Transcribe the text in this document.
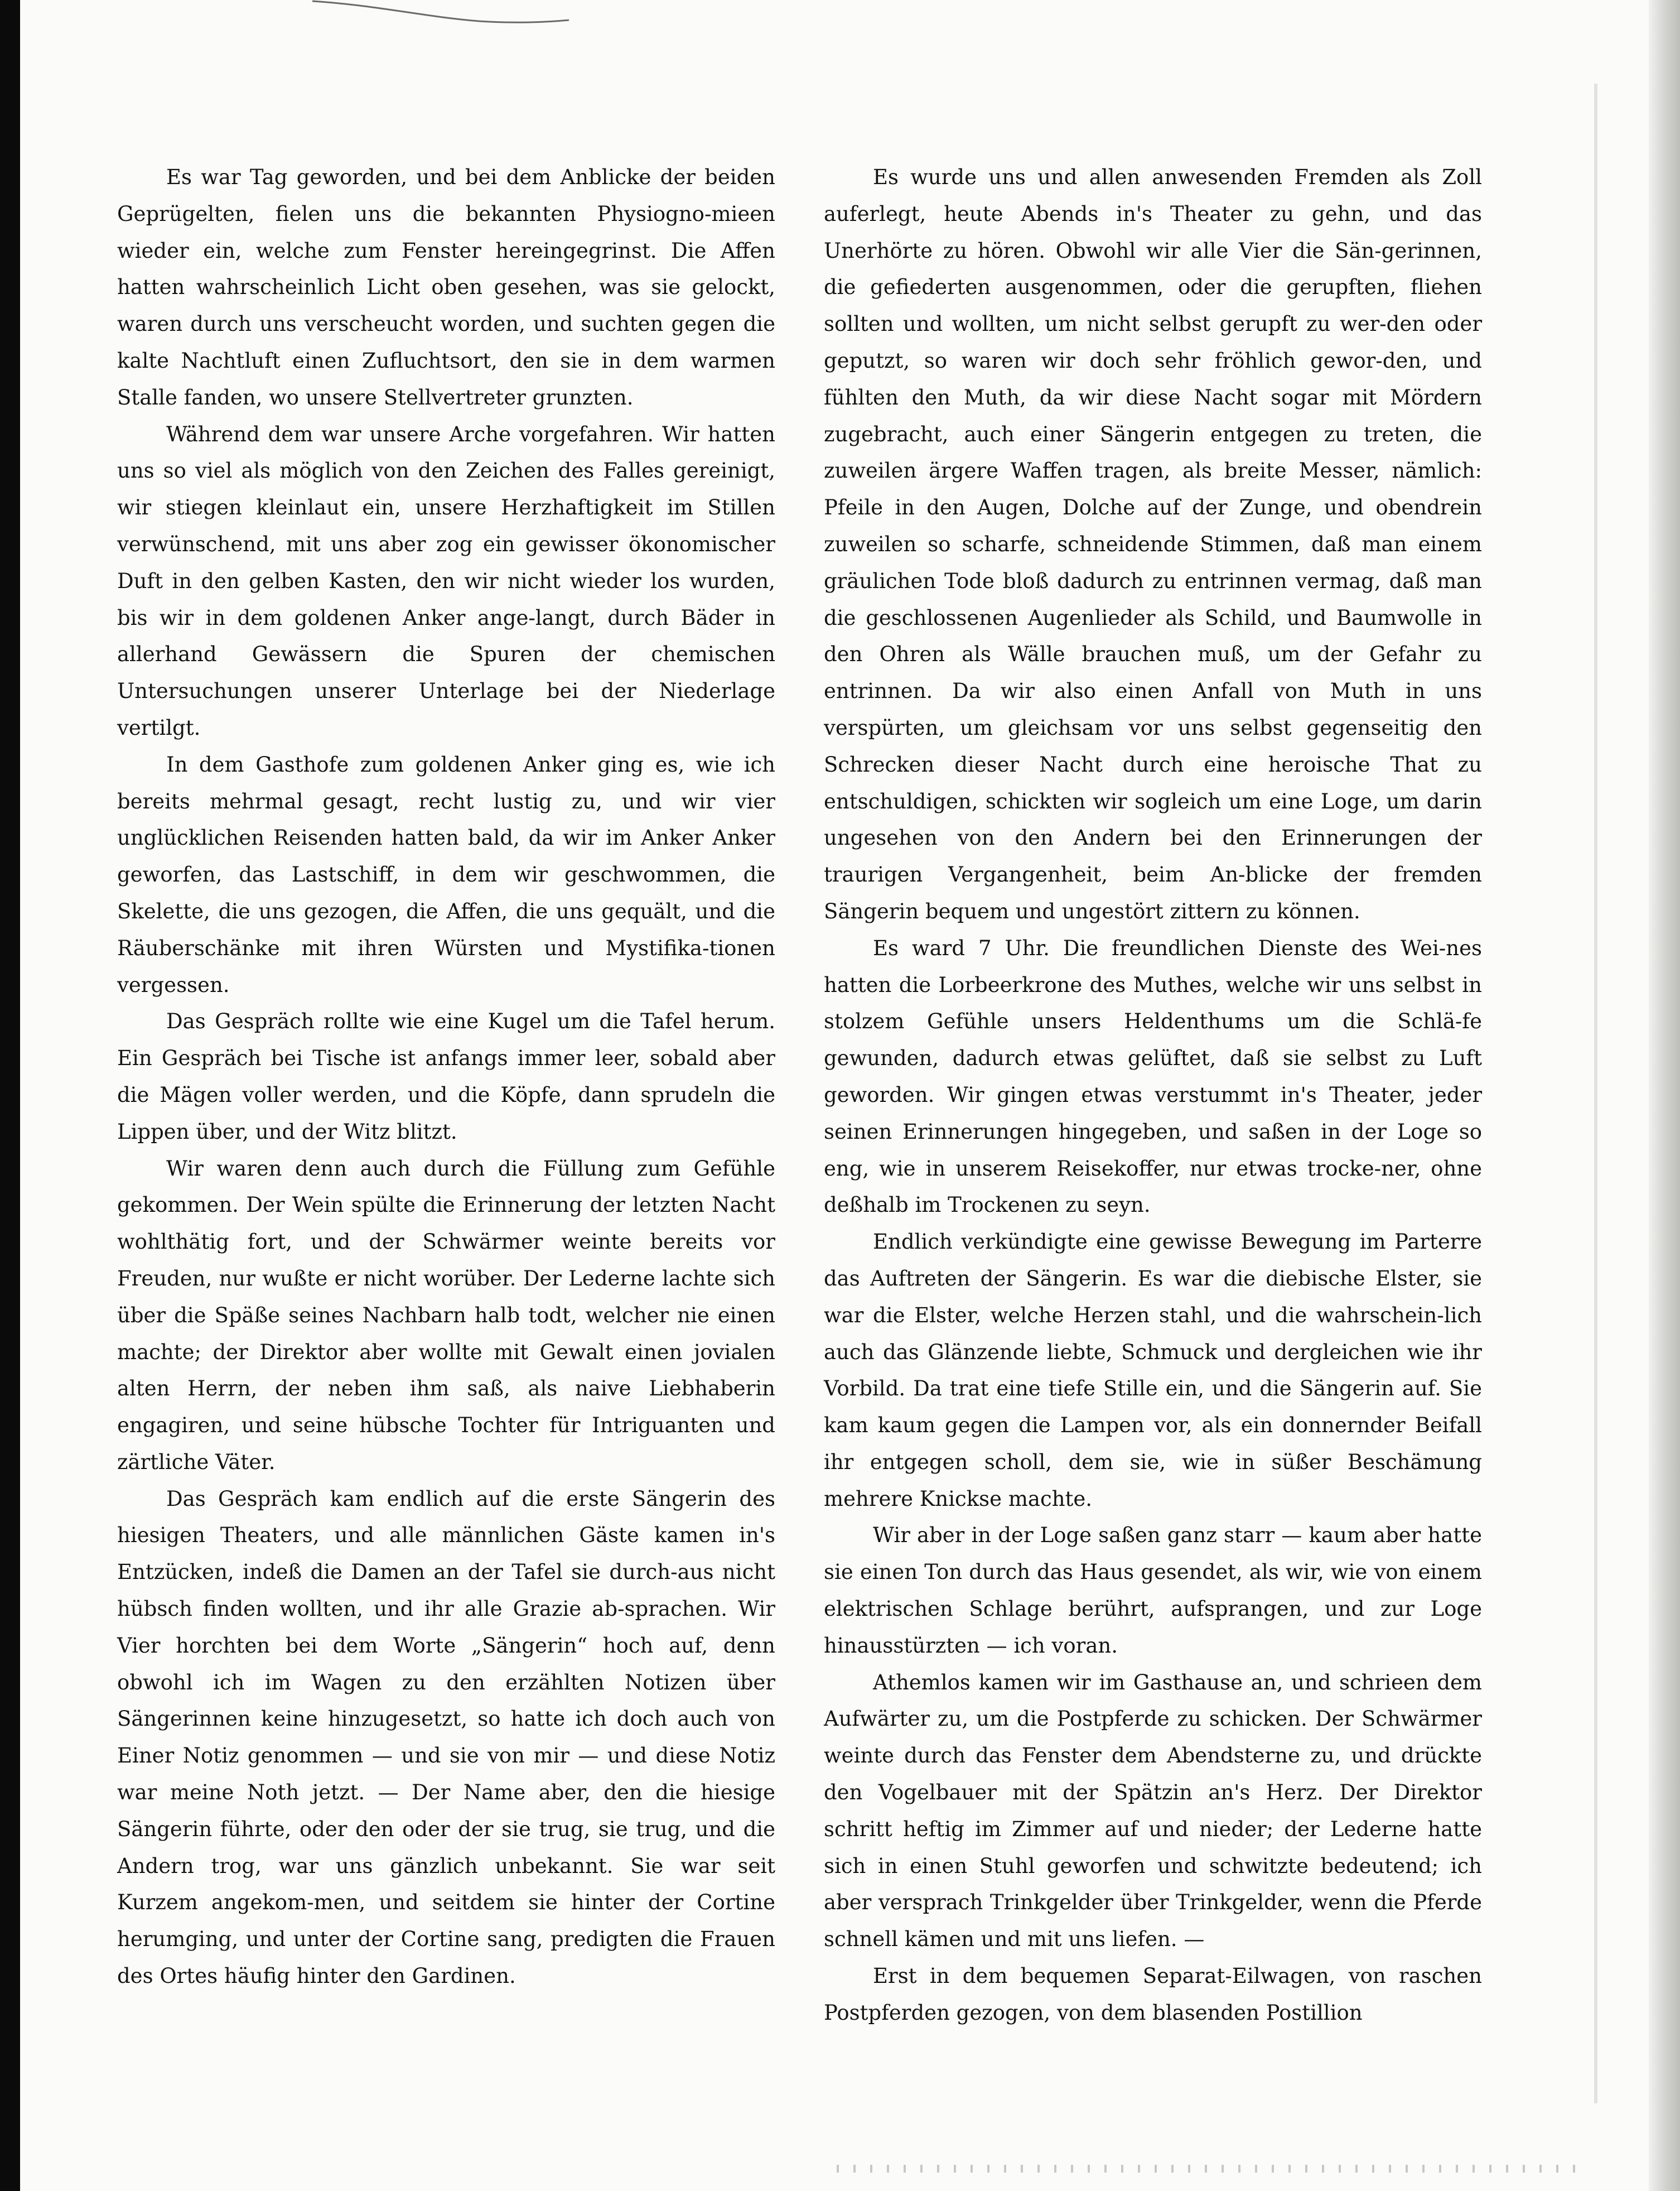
Es war Tag geworden, und bei dem Anblicke der beiden Geprügelten, fielen uns die bekannten Physiogno-mieen wieder ein, welche zum Fenster hereingegrinst. Die Affen hatten wahrscheinlich Licht oben gesehen, was sie gelockt, waren durch uns verscheucht worden, und suchten gegen die kalte Nachtluft einen Zufluchtsort, den sie in dem warmen Stalle fanden, wo unsere Stellvertreter grunzten.

Während dem war unsere Arche vorgefahren. Wir hatten uns so viel als möglich von den Zeichen des Falles gereinigt, wir stiegen kleinlaut ein, unsere Herzhaftigkeit im Stillen verwünschend, mit uns aber zog ein gewisser ökonomischer Duft in den gelben Kasten, den wir nicht wieder los wurden, bis wir in dem goldenen Anker ange-langt, durch Bäder in allerhand Gewässern die Spuren der chemischen Untersuchungen unserer Unterlage bei der Niederlage vertilgt.

In dem Gasthofe zum goldenen Anker ging es, wie ich bereits mehrmal gesagt, recht lustig zu, und wir vier unglücklichen Reisenden hatten bald, da wir im Anker Anker geworfen, das Lastschiff, in dem wir geschwommen, die Skelette, die uns gezogen, die Affen, die uns gequält, und die Räuberschänke mit ihren Würsten und Mystifika-tionen vergessen.

Das Gespräch rollte wie eine Kugel um die Tafel herum. Ein Gespräch bei Tische ist anfangs immer leer, sobald aber die Mägen voller werden, und die Köpfe, dann sprudeln die Lippen über, und der Witz blitzt.

Wir waren denn auch durch die Füllung zum Gefühle gekommen. Der Wein spülte die Erinnerung der letzten Nacht wohlthätig fort, und der Schwärmer weinte bereits vor Freuden, nur wußte er nicht worüber. Der Lederne lachte sich über die Späße seines Nachbarn halb todt, welcher nie einen machte; der Direktor aber wollte mit Gewalt einen jovialen alten Herrn, der neben ihm saß, als naive Liebhaberin engagiren, und seine hübsche Tochter für Intriguanten und zärtliche Väter.

Das Gespräch kam endlich auf die erste Sängerin des hiesigen Theaters, und alle männlichen Gäste kamen in's Entzücken, indeß die Damen an der Tafel sie durch-aus nicht hübsch finden wollten, und ihr alle Grazie ab-sprachen. Wir Vier horchten bei dem Worte „Sängerin“ hoch auf, denn obwohl ich im Wagen zu den erzählten Notizen über Sängerinnen keine hinzugesetzt, so hatte ich doch auch von Einer Notiz genommen — und sie von mir — und diese Notiz war meine Noth jetzt. — Der Name aber, den die hiesige Sängerin führte, oder den oder der sie trug, sie trug, und die Andern trog, war uns gänzlich unbekannt. Sie war seit Kurzem angekom-men, und seitdem sie hinter der Cortine herumging, und unter der Cortine sang, predigten die Frauen des Ortes häufig hinter den Gardinen.

Es wurde uns und allen anwesenden Fremden als Zoll auferlegt, heute Abends in's Theater zu gehn, und das Unerhörte zu hören. Obwohl wir alle Vier die Sän-gerinnen, die gefiederten ausgenommen, oder die gerupften, fliehen sollten und wollten, um nicht selbst gerupft zu wer-den oder geputzt, so waren wir doch sehr fröhlich gewor-den, und fühlten den Muth, da wir diese Nacht sogar mit Mördern zugebracht, auch einer Sängerin entgegen zu treten, die zuweilen ärgere Waffen tragen, als breite Messer, nämlich: Pfeile in den Augen, Dolche auf der Zunge, und obendrein zuweilen so scharfe, schneidende Stimmen, daß man einem gräulichen Tode bloß dadurch zu entrinnen vermag, daß man die geschlossenen Augenlieder als Schild, und Baumwolle in den Ohren als Wälle brauchen muß, um der Gefahr zu entrinnen. Da wir also einen Anfall von Muth in uns verspürten, um gleichsam vor uns selbst gegenseitig den Schrecken dieser Nacht durch eine heroische That zu entschuldigen, schickten wir sogleich um eine Loge, um darin ungesehen von den Andern bei den Erinnerungen der traurigen Vergangenheit, beim An-blicke der fremden Sängerin bequem und ungestört zittern zu können.

Es ward 7 Uhr. Die freundlichen Dienste des Wei-nes hatten die Lorbeerkrone des Muthes, welche wir uns selbst in stolzem Gefühle unsers Heldenthums um die Schlä-fe gewunden, dadurch etwas gelüftet, daß sie selbst zu Luft geworden. Wir gingen etwas verstummt in's Theater, jeder seinen Erinnerungen hingegeben, und saßen in der Loge so eng, wie in unserem Reisekoffer, nur etwas trocke-ner, ohne deßhalb im Trockenen zu seyn.

Endlich verkündigte eine gewisse Bewegung im Parterre das Auftreten der Sängerin. Es war die diebische Elster, sie war die Elster, welche Herzen stahl, und die wahrschein-lich auch das Glänzende liebte, Schmuck und dergleichen wie ihr Vorbild. Da trat eine tiefe Stille ein, und die Sängerin auf. Sie kam kaum gegen die Lampen vor, als ein donnernder Beifall ihr entgegen scholl, dem sie, wie in süßer Beschämung mehrere Knickse machte.

Wir aber in der Loge saßen ganz starr — kaum aber hatte sie einen Ton durch das Haus gesendet, als wir, wie von einem elektrischen Schlage berührt, aufsprangen, und zur Loge hinausstürzten — ich voran.

Athemlos kamen wir im Gasthause an, und schrieen dem Aufwärter zu, um die Postpferde zu schicken. Der Schwärmer weinte durch das Fenster dem Abendsterne zu, und drückte den Vogelbauer mit der Spätzin an's Herz. Der Direktor schritt heftig im Zimmer auf und nieder; der Lederne hatte sich in einen Stuhl geworfen und schwitzte bedeutend; ich aber versprach Trinkgelder über Trinkgelder, wenn die Pferde schnell kämen und mit uns liefen. —

Erst in dem bequemen Separat-Eilwagen, von raschen Postpferden gezogen, von dem blasenden Postillion
